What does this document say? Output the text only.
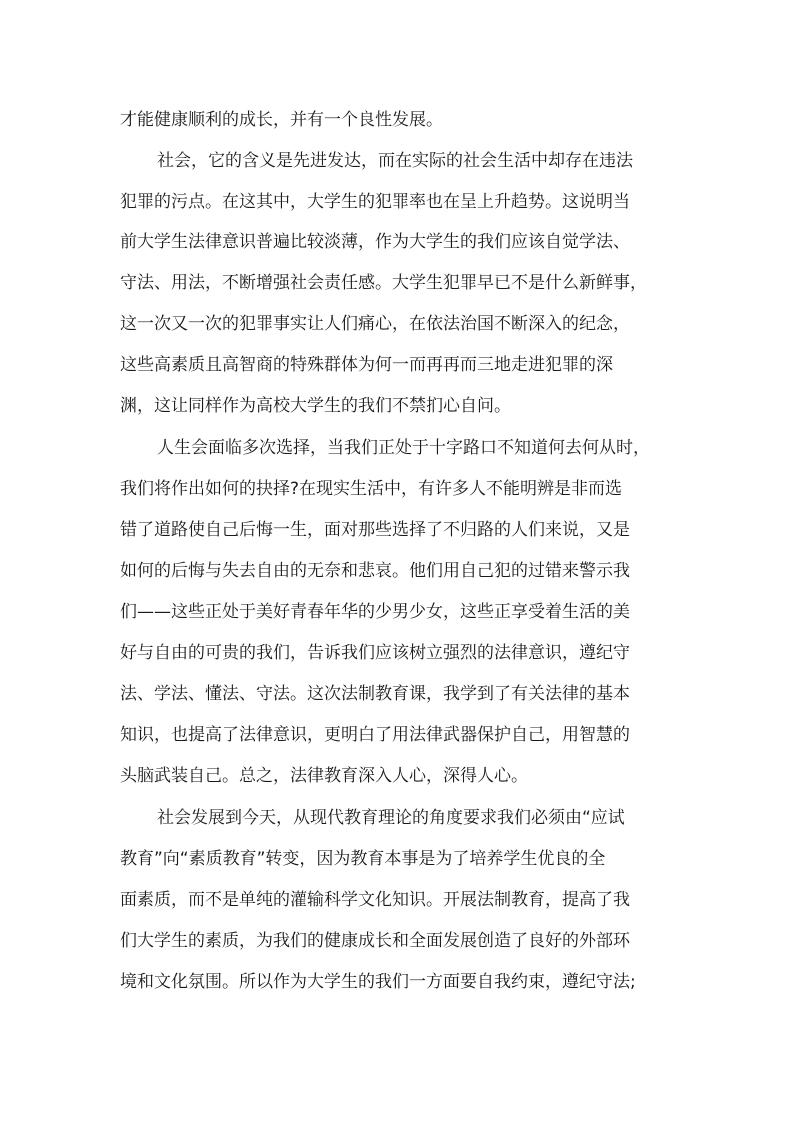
才能健康顺利的成长，并有一个良性发展。
社会，它的含义是先进发达，而在实际的社会生活中却存在违法
犯罪的污点。在这其中，大学生的犯罪率也在呈上升趋势。这说明当
前大学生法律意识普遍比较淡薄，作为大学生的我们应该自觉学法、
守法、用法，不断增强社会责任感。大学生犯罪早已不是什么新鲜事，
这一次又一次的犯罪事实让人们痛心，在依法治国不断深入的纪念，
这些高素质且高智商的特殊群体为何一而再再而三地走进犯罪的深
渊，这让同样作为高校大学生的我们不禁扪心自问。
人生会面临多次选择，当我们正处于十字路口不知道何去何从时，
我们将作出如何的抉择?在现实生活中，有许多人不能明辨是非而选
错了道路使自己后悔一生，面对那些选择了不归路的人们来说，又是
如何的后悔与失去自由的无奈和悲哀。他们用自己犯的过错来警示我
们——这些正处于美好青春年华的少男少女，这些正享受着生活的美
好与自由的可贵的我们，告诉我们应该树立强烈的法律意识，遵纪守
法、学法、懂法、守法。这次法制教育课，我学到了有关法律的基本
知识，也提高了法律意识，更明白了用法律武器保护自己，用智慧的
头脑武装自己。总之，法律教育深入人心，深得人心。
社会发展到今天，从现代教育理论的角度要求我们必须由“应试
教育”向“素质教育”转变，因为教育本事是为了培养学生优良的全
面素质，而不是单纯的灌输科学文化知识。开展法制教育，提高了我
们大学生的素质，为我们的健康成长和全面发展创造了良好的外部环
境和文化氛围。所以作为大学生的我们一方面要自我约束，遵纪守法;
